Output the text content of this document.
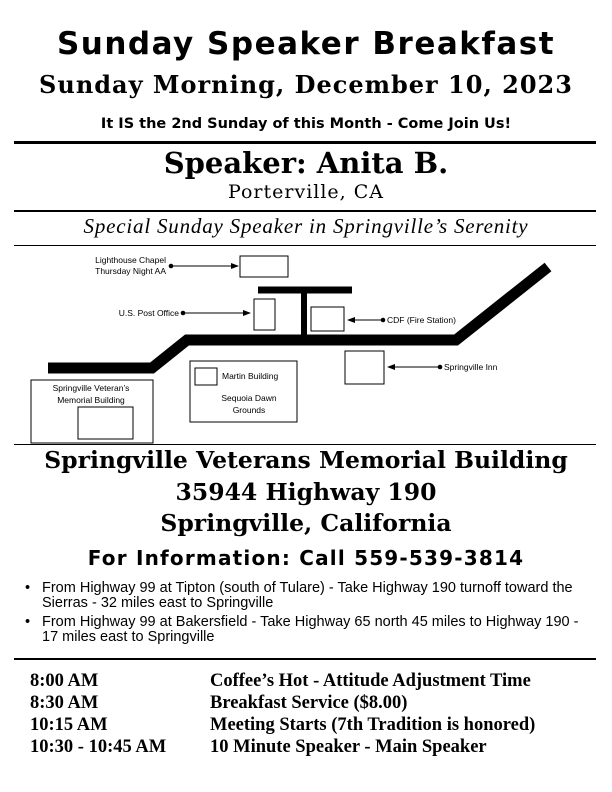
Sunday Speaker Breakfast
Sunday Morning, December 10, 2023
It IS the 2nd Sunday of this Month - Come Join Us!
Speaker: Anita B.
Porterville, CA
Special Sunday Speaker in Springville’s Serenity
Lighthouse Chapel
Thursday Night AA
U.S. Post Office
CDF (Fire Station)
Springville Inn
Martin Building
Sequoia Dawn
Grounds
Springville Veteran’s
Memorial Building
Springville Veterans Memorial Building
35944 Highway 190
Springville, California
For Information: Call 559-539-3814
• From Highway 99 at Tipton (south of Tulare) - Take Highway 190 turnoff toward the Sierras - 32 miles east to Springville
• From Highway 99 at Bakersfield - Take Highway 65 north 45 miles to Highway 190 - 17 miles east to Springville
8:00 AM	Coffee’s Hot - Attitude Adjustment Time
8:30 AM	Breakfast Service ($8.00)
10:15 AM	Meeting Starts (7th Tradition is honored)
10:30 - 10:45 AM 10 Minute Speaker - Main Speaker
